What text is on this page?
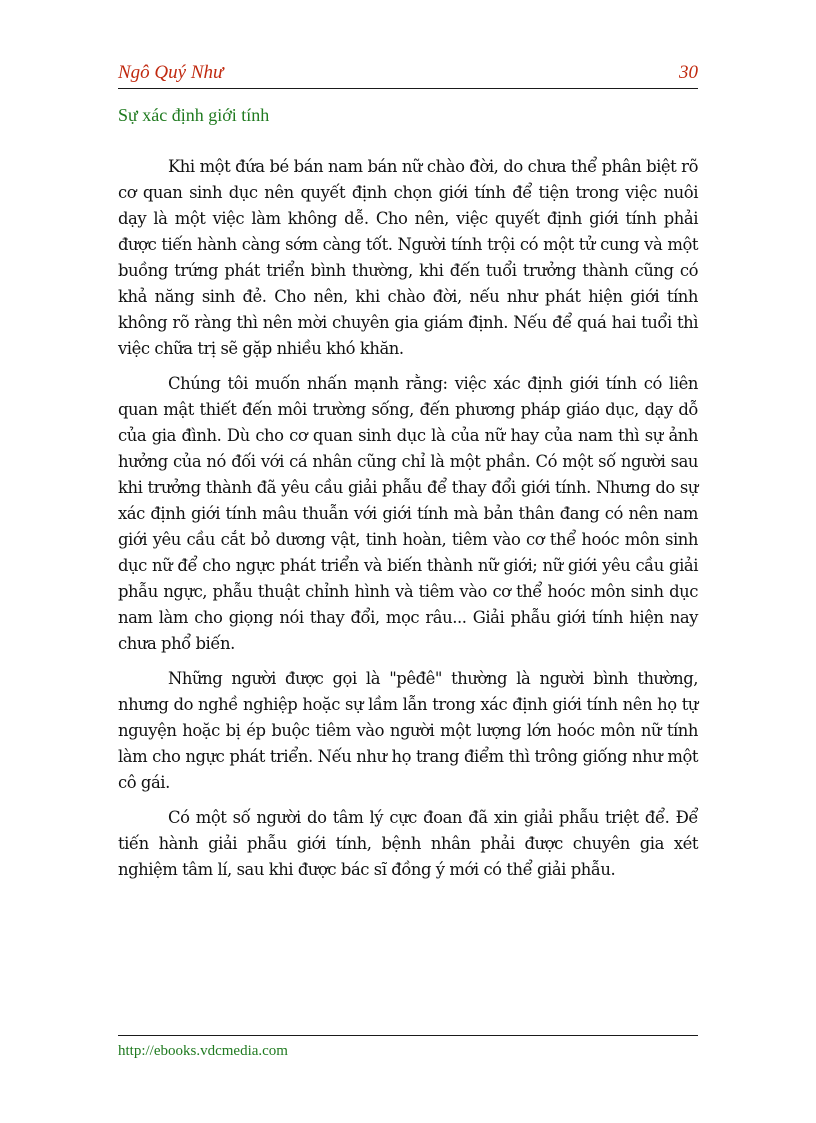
Ngô Quý Như	30
Sự xác định giới tính

Khi một đứa bé bán nam bán nữ chào đời, do chưa thể phân biệt rõ cơ quan sinh dục nên quyết định chọn giới tính để tiện trong việc nuôi dạy là một việc làm không dễ. Cho nên, việc quyết định giới tính phải được tiến hành càng sớm càng tốt. Người tính trội có một tử cung và một buồng trứng phát triển bình thường, khi đến tuổi trưởng thành cũng có khả năng sinh đẻ. Cho nên, khi chào đời, nếu như phát hiện giới tính không rõ ràng thì nên mời chuyên gia giám định. Nếu để quá hai tuổi thì việc chữa trị sẽ gặp nhiều khó khăn.

Chúng tôi muốn nhấn mạnh rằng: việc xác định giới tính có liên quan mật thiết đến môi trường sống, đến phương pháp giáo dục, dạy dỗ của gia đình. Dù cho cơ quan sinh dục là của nữ hay của nam thì sự ảnh hưởng của nó đối với cá nhân cũng chỉ là một phần. Có một số người sau khi trưởng thành đã yêu cầu giải phẫu để thay đổi giới tính. Nhưng do sự xác định giới tính mâu thuẫn với giới tính mà bản thân đang có nên nam giới yêu cầu cắt bỏ dương vật, tinh hoàn, tiêm vào cơ thể hoóc môn sinh dục nữ để cho ngực phát triển và biến thành nữ giới; nữ giới yêu cầu giải phẫu ngực, phẫu thuật chỉnh hình và tiêm vào cơ thể hoóc môn sinh dục nam làm cho giọng nói thay đổi, mọc râu... Giải phẫu giới tính hiện nay chưa phổ biến.

Những người được gọi là "pêđê" thường là người bình thường, nhưng do nghề nghiệp hoặc sự lầm lẫn trong xác định giới tính nên họ tự nguyện hoặc bị ép buộc tiêm vào người một lượng lớn hoóc môn nữ tính làm cho ngực phát triển. Nếu như họ trang điểm thì trông giống như một cô gái.

Có một số người do tâm lý cực đoan đã xin giải phẫu triệt để. Để tiến hành giải phẫu giới tính, bệnh nhân phải được chuyên gia xét nghiệm tâm lí, sau khi được bác sĩ đồng ý mới có thể giải phẫu.

http://ebooks.vdcmedia.com
